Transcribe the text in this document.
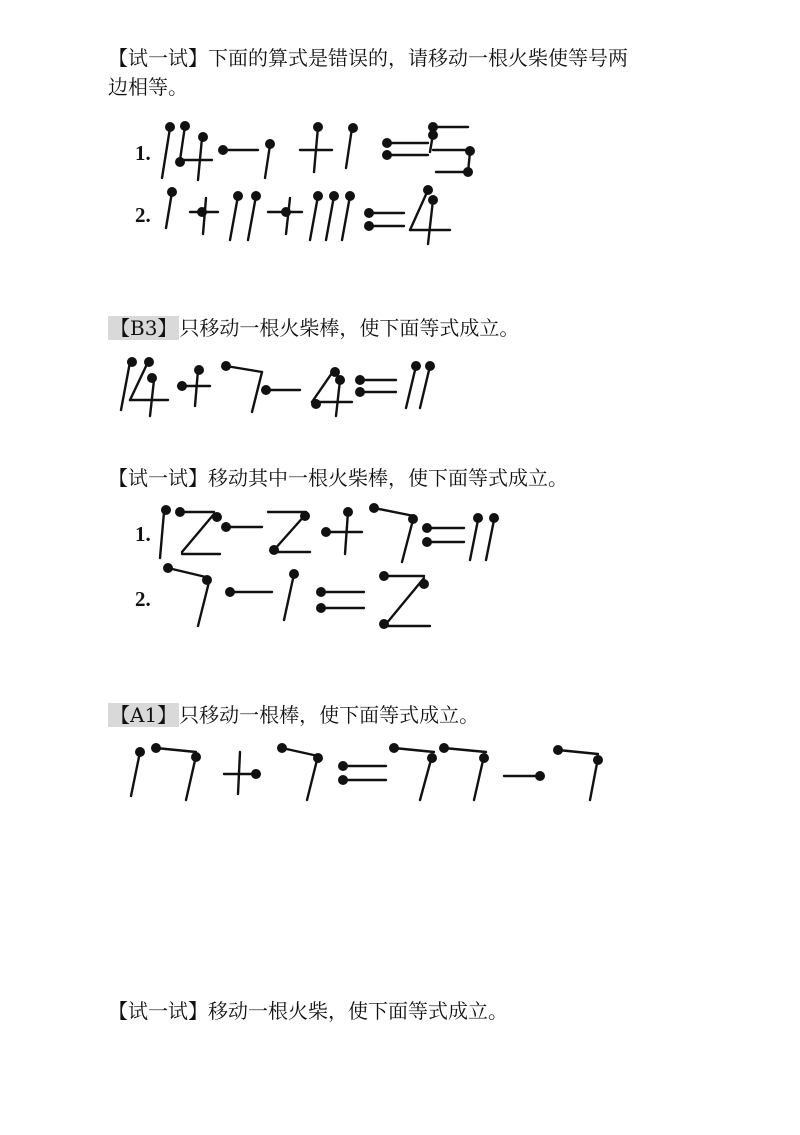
【试一试】下面的算式是错误的，请移动一根火柴使等号两
边相等。
1.
2.
【B3】 只移动一根火柴棒，使下面等式成立。
【试一试】移动其中一根火柴棒，使下面等式成立。
1.
2.
【A1】 只移动一根棒，使下面等式成立。
【试一试】移动一根火柴，使下面等式成立。
